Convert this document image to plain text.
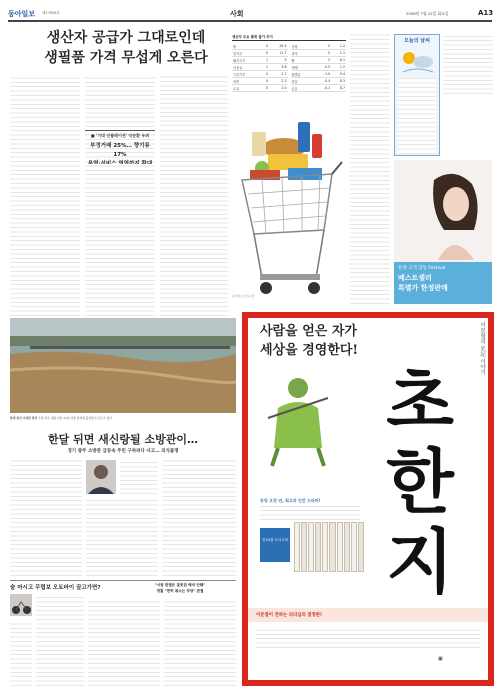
동아일보 제27856호	사회	2008년 7월 22일 화요일	A13
생산자 공급가 그대로인데
생필품 가격 무섭게 오른다
■ '기대 인플레이션' 악순환 우려
부정거래 25%… 향기류 17%
생산자 주요 품목 물가 추이
쌀	0	28.5
밀가루	0	11.7
돼지고기	1	5
식용유	1	3.6
고춧가루	0	2.7
라면	0	2.3
우유	0	2.0
설탕	0	1.2
과자	0	1.1
빵	2	8.1
세제	-0.5	1.2
휘발유	-1.0	9.4
경유	-0.4	8.3
등유	-0.1	8.7
동아일보 자료사진
오늘의 날씨
뮤젠 고객 감동 Festival
베스트셀러
특별가 한정판매
물에 잠긴 가족한 한강 수량 폭우 내린 뒤인 21일 서울 한강에 흙탕물이 흐르고 있다.
한달 뒤면 새신랑될 소방관이…
경기 광주 소방관 급류속 주민 구하려다 사고… 의식불명
술 마시고 무렵보 오토바이 끌고가면?	"서핑 판결은 잘못된 해석 안돼"
경찰 "면허 취소는 부당" 판결
사람을 얻은 자가
세상을 경영한다!	이문열의 史記 이야기
초
한
지
동양 오천 년, 최고의 인간 드라마!
전10권 오디오북
이문열이 전하는 리더십의 결정판!
▣
